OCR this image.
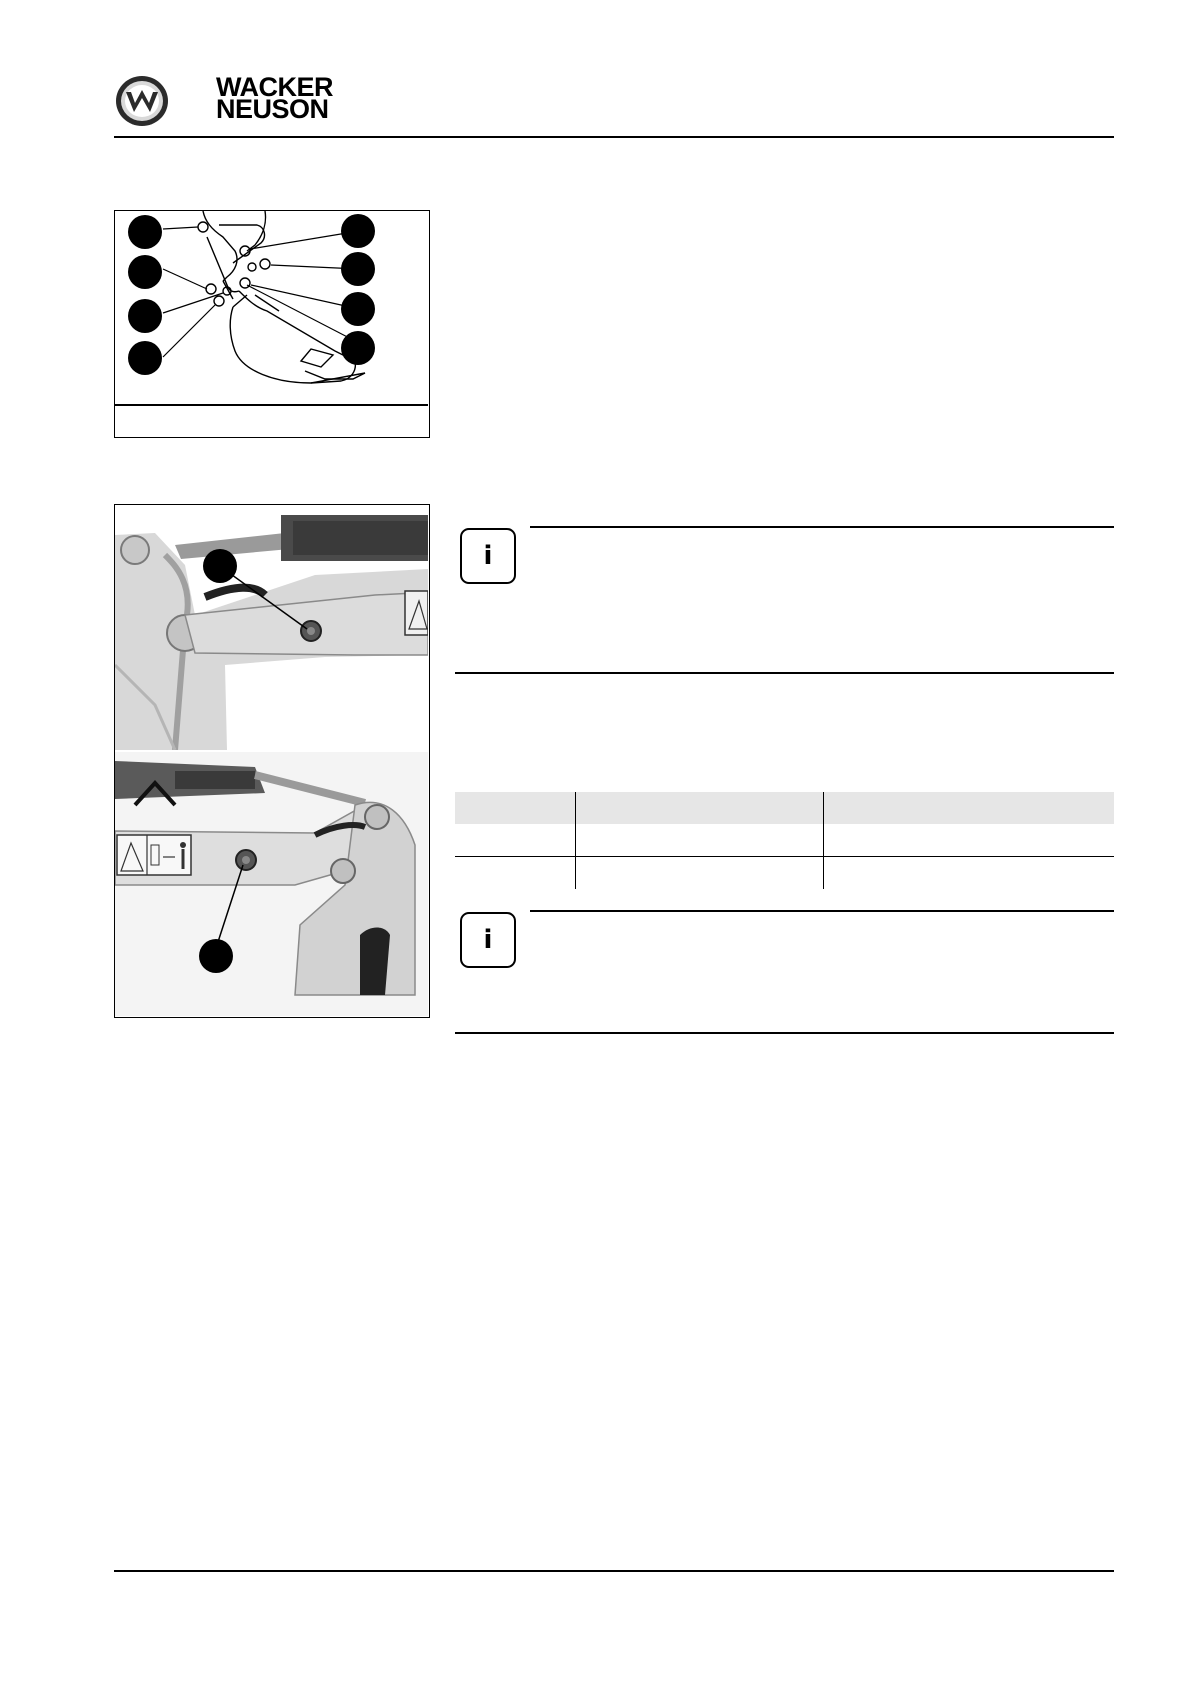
WACKER
NEUSON
i

i
